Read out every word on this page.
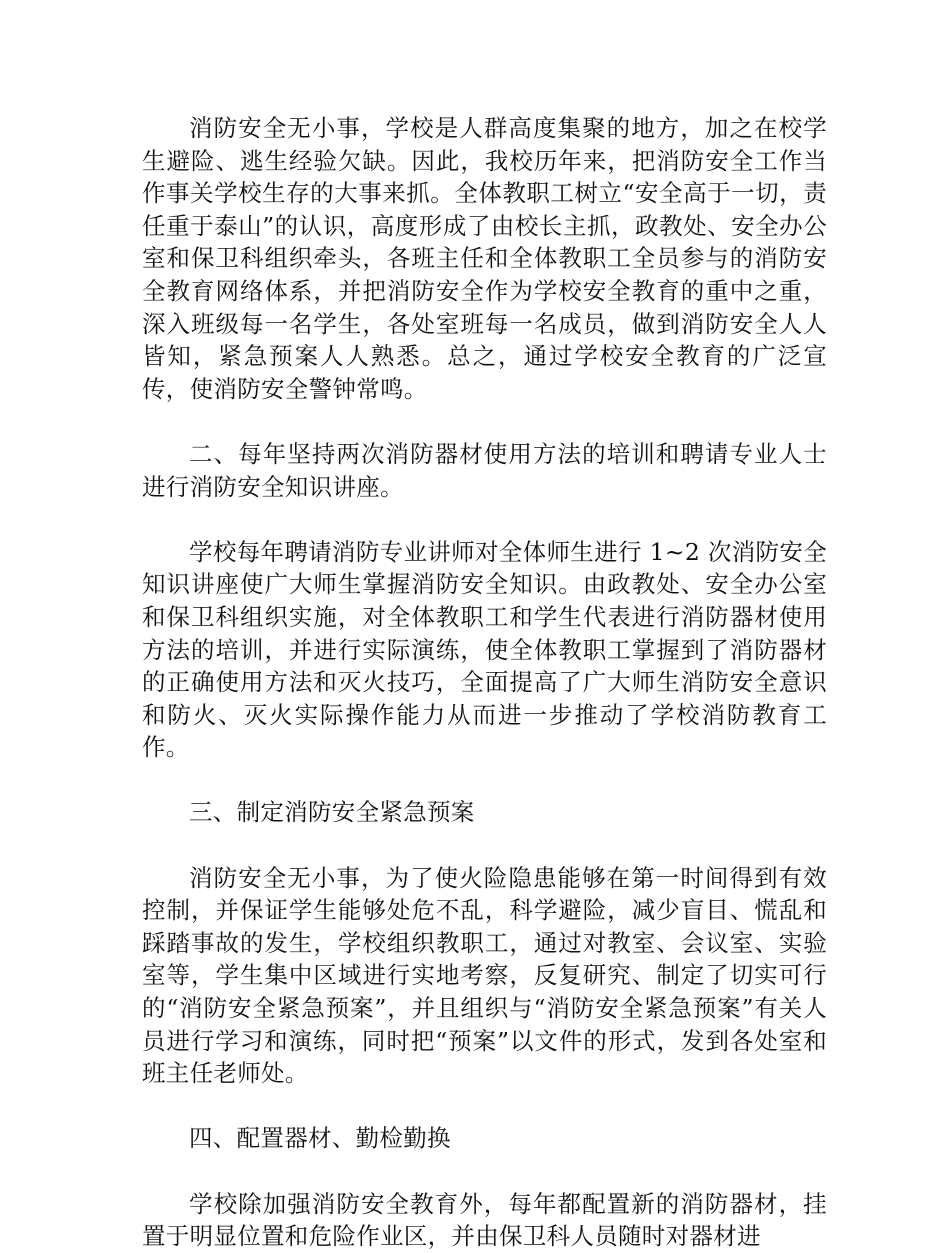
消防安全无小事，学校是人群高度集聚的地方，加之在校学生避险、逃生经验欠缺。因此，我校历年来，把消防安全工作当作事关学校生存的大事来抓。全体教职工树立“安全高于一切，责任重于泰山”的认识，高度形成了由校长主抓，政教处、安全办公室和保卫科组织牵头，各班主任和全体教职工全员参与的消防安全教育网络体系，并把消防安全作为学校安全教育的重中之重，深入班级每一名学生，各处室班每一名成员，做到消防安全人人皆知，紧急预案人人熟悉。总之，通过学校安全教育的广泛宣传，使消防安全警钟常鸣。

二、每年坚持两次消防器材使用方法的培训和聘请专业人士进行消防安全知识讲座。

学校每年聘请消防专业讲师对全体师生进行 1~2 次消防安全知识讲座使广大师生掌握消防安全知识。由政教处、安全办公室和保卫科组织实施，对全体教职工和学生代表进行消防器材使用方法的培训，并进行实际演练，使全体教职工掌握到了消防器材的正确使用方法和灭火技巧，全面提高了广大师生消防安全意识和防火、灭火实际操作能力从而进一步推动了学校消防教育工作。

三、制定消防安全紧急预案

消防安全无小事，为了使火险隐患能够在第一时间得到有效控制，并保证学生能够处危不乱，科学避险，减少盲目、慌乱和踩踏事故的发生，学校组织教职工，通过对教室、会议室、实验室等，学生集中区域进行实地考察，反复研究、制定了切实可行的“消防安全紧急预案”，并且组织与“消防安全紧急预案”有关人员进行学习和演练，同时把“预案”以文件的形式，发到各处室和班主任老师处。

四、配置器材、勤检勤换

学校除加强消防安全教育外，每年都配置新的消防器材，挂置于明显位置和危险作业区，并由保卫科人员随时对器材进
